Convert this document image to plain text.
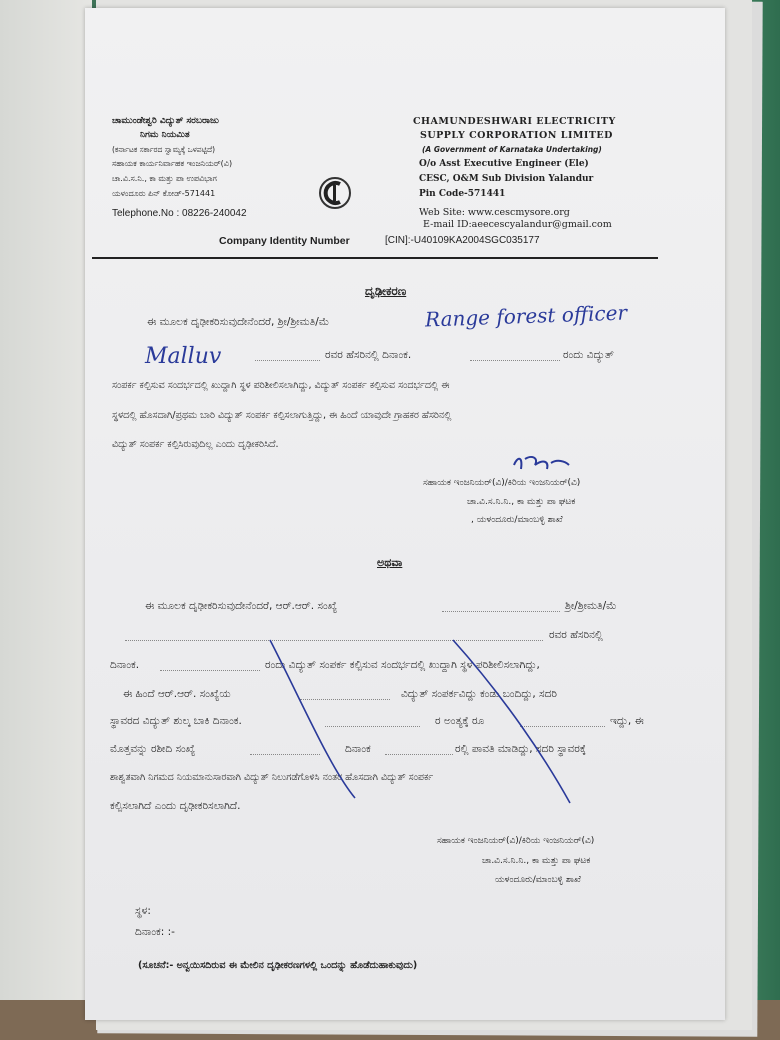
ಚಾಮುಂಡೇಶ್ವರಿ ವಿದ್ಯುತ್ ಸರಬರಾಜು
ನಿಗಮ ನಿಯಮಿತ
(ಕರ್ನಾಟಕ ಸರ್ಕಾರದ ಸ್ವಾಮ್ಯಕ್ಕೆ ಒಳಪಟ್ಟಿದೆ)
ಸಹಾಯಕ ಕಾರ್ಯನಿರ್ವಾಹಕ ಇಂಜನಿಯರ್(ವಿ)
ಚಾ.ವಿ.ಸ.ನಿ., ಕಾ ಮತ್ತು ಪಾ ಉಪವಿಭಾಗ
ಯಳಂದೂರು ಪಿನ್ ಕೋಡ್-571441
Telephone.No : 08226-240042
CHAMUNDESHWARI ELECTRICITY
SUPPLY CORPORATION LIMITED
(A Government of Karnataka Undertaking)
O/o Asst Executive Engineer (Ele)
CESC, O&M Sub Division Yalandur
Pin Code-571441
Web Site: www.cescmysore.org
E-mail ID:aeecescyalandur@gmail.com
Company Identity Number	[CIN]:-U40109KA2004SGC035177
ದೃಢೀಕರಣ
ಈ ಮೂಲಕ ದೃಢೀಕರಿಸುವುದೇನೆಂದರೆ, ಶ್ರೀ/ಶ್ರೀಮತಿ/ಮೆ	Range forest officer
Malluv	ರವರ ಹೆಸರಿನಲ್ಲಿ ದಿನಾಂಕ.	ರಂದು ವಿದ್ಯುತ್
ಸಂಪರ್ಕ ಕಲ್ಪಿಸುವ ಸಂದರ್ಭದಲ್ಲಿ ಖುದ್ದಾಗಿ ಸ್ಥಳ ಪರಿಶೀಲಿಸಲಾಗಿದ್ದು, ವಿದ್ಯುತ್ ಸಂಪರ್ಕ ಕಲ್ಪಿಸುವ ಸಂದರ್ಭದಲ್ಲಿ ಈ
ಸ್ಥಳದಲ್ಲಿ ಹೊಸದಾಗಿ/ಪ್ರಥಮ ಬಾರಿ ವಿದ್ಯುತ್ ಸಂಪರ್ಕ ಕಲ್ಪಿಸಲಾಗುತ್ತಿದ್ದು, ಈ ಹಿಂದೆ ಯಾವುದೇ ಗ್ರಾಹಕರ ಹೆಸರಿನಲ್ಲಿ
ವಿದ್ಯುತ್ ಸಂಪರ್ಕ ಕಲ್ಪಿಸಿರುವುದಿಲ್ಲ ಎಂದು ದೃಢೀಕರಿಸಿದೆ.
ಸಹಾಯಕ ಇಂಜನಿಯರ್(ವಿ)/ಕಿರಿಯ ಇಂಜನಿಯರ್(ವಿ)
ಚಾ.ವಿ.ಸ.ನಿ.ನಿ., ಕಾ ಮತ್ತು ಪಾ ಘಟಕ
, ಯಳಂದೂರು/ಮಾಂಬಳ್ಳಿ ಶಾಖೆ
ಅಥವಾ
ಈ ಮೂಲಕ ದೃಢೀಕರಿಸುವುದೇನೆಂದರೆ, ಆರ್.ಆರ್. ಸಂಖ್ಯೆ	ಶ್ರೀ/ಶ್ರೀಮತಿ/ಮೆ
ರವರ ಹೆಸರಿನಲ್ಲಿ
ದಿನಾಂಕ.	ರಂದು ವಿದ್ಯುತ್ ಸಂಪರ್ಕ ಕಲ್ಪಿಸುವ ಸಂದರ್ಭದಲ್ಲಿ ಖುದ್ದಾಗಿ ಸ್ಥಳ ಪರಿಶೀಲಿಸಲಾಗಿದ್ದು,
ಈ ಹಿಂದೆ ಆರ್.ಆರ್. ಸಂಖ್ಯೆಯ	ವಿದ್ಯುತ್ ಸಂಪರ್ಕವಿದ್ದು ಕಂಡು ಬಂದಿದ್ದು, ಸದರಿ
ಸ್ಥಾವರದ ವಿದ್ಯುತ್ ಶುಲ್ಕ ಬಾಕಿ ದಿನಾಂಕ.	ರ ಅಂತ್ಯಕ್ಕೆ ರೂ	ಇದ್ದು, ಈ
ಮೊತ್ತವನ್ನು ರಶೀದಿ ಸಂಖ್ಯೆ	ದಿನಾಂಕ	ರಲ್ಲಿ ಪಾವತಿ ಮಾಡಿದ್ದು, ಸದರಿ ಸ್ಥಾವರಕ್ಕೆ
ಶಾಶ್ವತವಾಗಿ ನಿಗಮದ ನಿಯಮಾನುಸಾರವಾಗಿ ವಿದ್ಯುತ್ ನಿಲುಗಡೆಗೊಳಿಸಿ ನಂತರ ಹೊಸದಾಗಿ ವಿದ್ಯುತ್ ಸಂಪರ್ಕ
ಕಲ್ಪಿಸಲಾಗಿದೆ ಎಂದು ದೃಢೀಕರಿಸಲಾಗಿದೆ.
ಸಹಾಯಕ ಇಂಜನಿಯರ್(ವಿ)/ಕಿರಿಯ ಇಂಜನಿಯರ್(ವಿ)
ಚಾ.ವಿ.ಸ.ನಿ.ನಿ., ಕಾ ಮತ್ತು ಪಾ ಘಟಕ
ಯಳಂದೂರು/ಮಾಂಬಳ್ಳಿ ಶಾಖೆ
ಸ್ಥಳ:
ದಿನಾಂಕ: :-
(ಸೂಚನೆ:- ಅನ್ವಯಿಸದಿರುವ ಈ ಮೇಲಿನ ದೃಢೀಕರಣಗಳಲ್ಲಿ ಒಂದನ್ನು ಹೊಡೆದುಹಾಕುವುದು)
